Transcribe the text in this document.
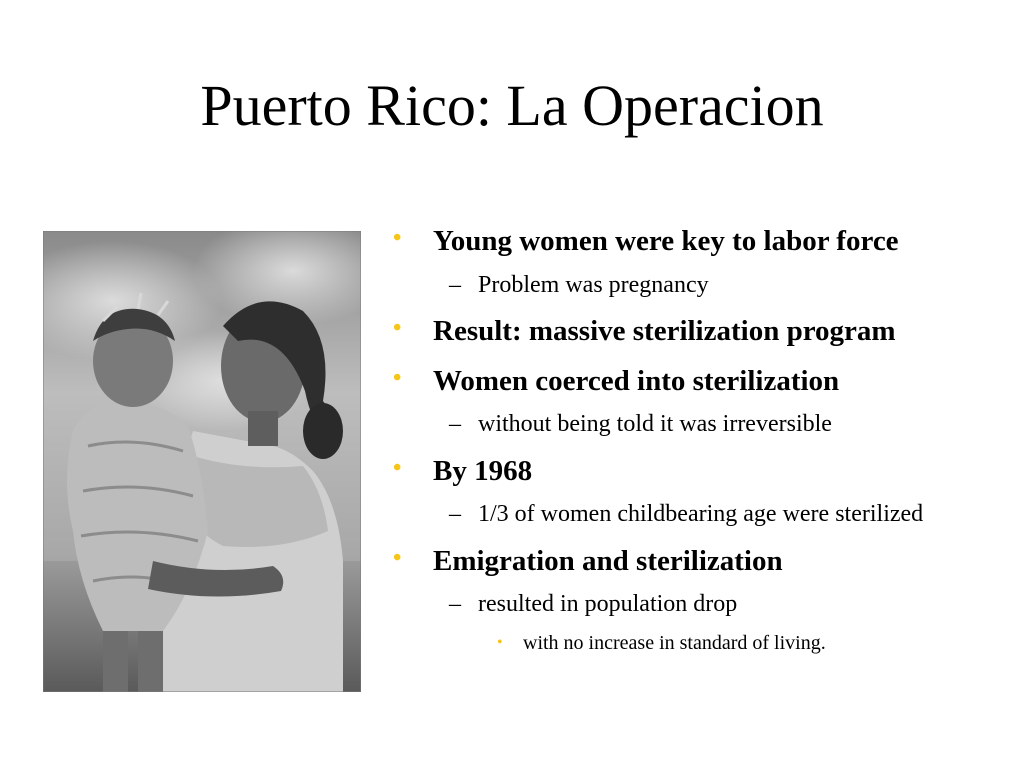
Puerto Rico: La Operacion
• Young women were key to labor force
– Problem was pregnancy
• Result: massive sterilization program
• Women coerced into sterilization
– without being told it was irreversible
• By 1968
– 1/3 of women childbearing age were sterilized
• Emigration and sterilization
– resulted in population drop
• with no increase in standard of living.
